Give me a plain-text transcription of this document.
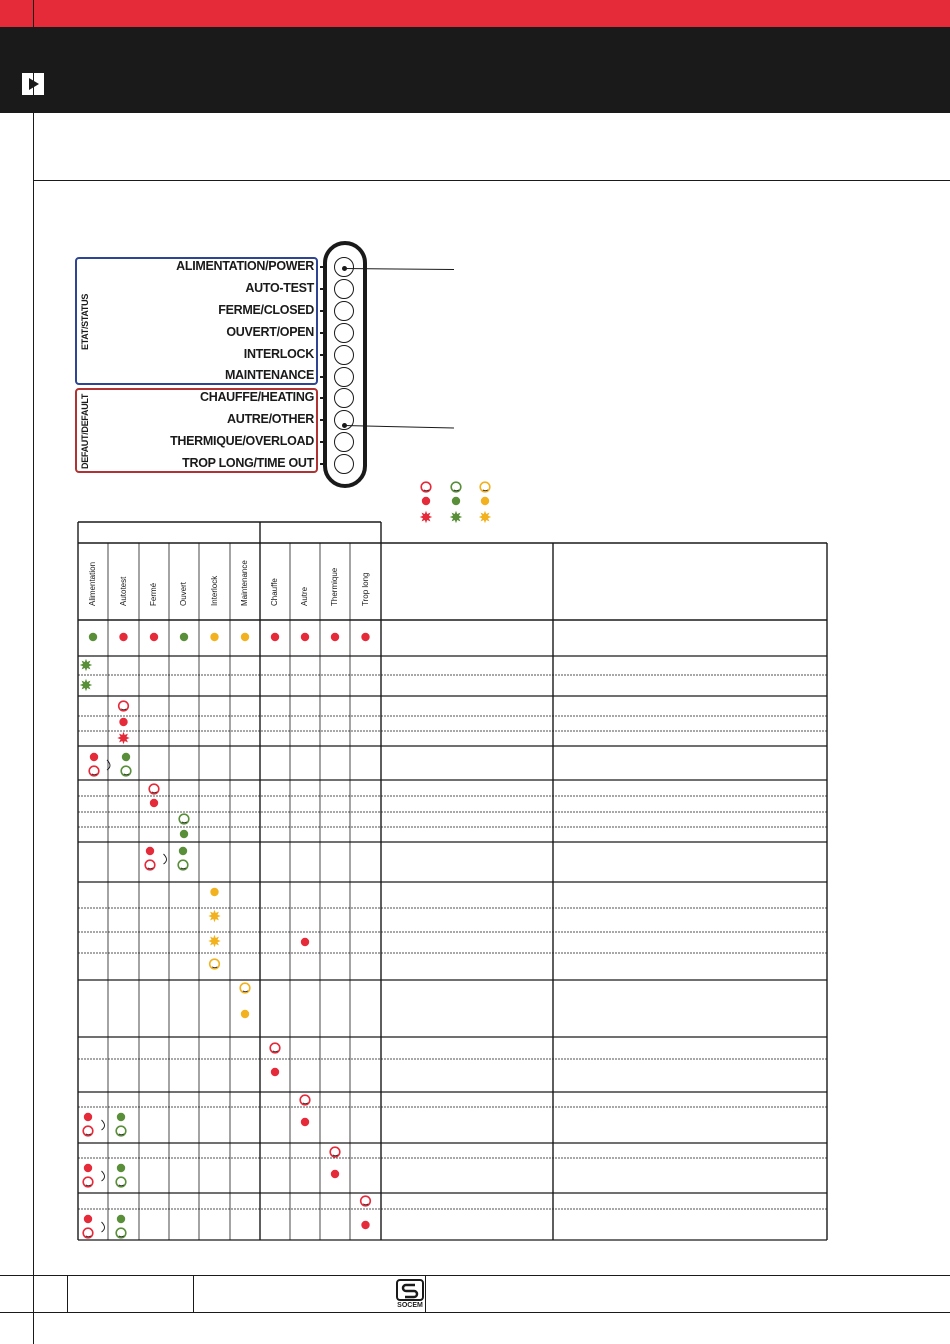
ETAT/STATUS
DEFAUT/DEFAULT
ALIMENTATION/POWER
AUTO-TEST
FERME/CLOSED
OUVERT/OPEN
INTERLOCK
MAINTENANCE
CHAUFFE/HEATING
AUTRE/OTHER
THERMIQUE/OVERLOAD
TROP LONG/TIME OUT
Alimentation	Autotest	Fermé	Ouvert	Interlock	Maintenance	Chauffe	Autre	Thermique	Trop long
SOCEM
